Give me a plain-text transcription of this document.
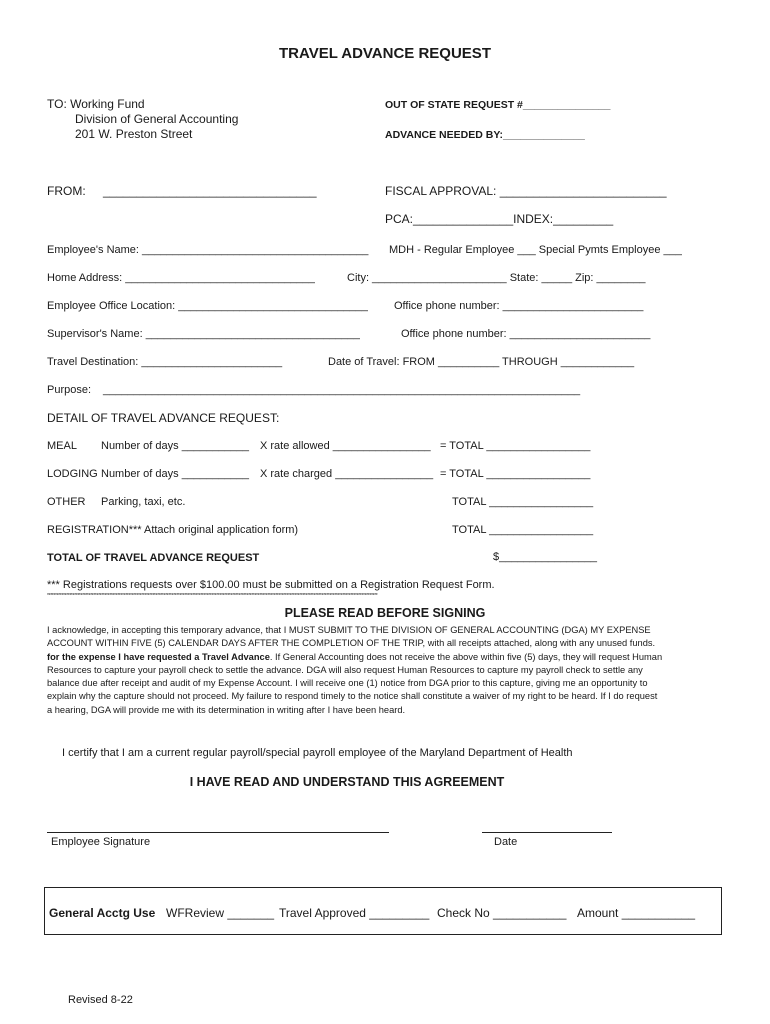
TRAVEL ADVANCE REQUEST
TO: Working Fund
Division of General Accounting
201 W. Preston Street
OUT OF STATE REQUEST #_______________
ADVANCE NEEDED BY:______________
FROM: ________________________________	FISCAL APPROVAL: _________________________
PCA:_______________INDEX:_________
Employee's Name: _____________________________________ MDH - Regular Employee ___ Special Pymts Employee ___
Home Address: _______________________________	City: ______________________ State: _____ Zip: ________
Employee Office Location: _______________________________ Office phone number: _______________________
Supervisor's Name: ___________________________________	Office phone number: _______________________
Travel Destination: _______________________	Date of Travel: FROM __________ THROUGH ____________
Purpose: ______________________________________________________________________________
DETAIL OF TRAVEL ADVANCE REQUEST:
MEAL Number of days ___________ X rate allowed ________________ = TOTAL _________________
LODGING Number of days ___________ X rate charged ________________ = TOTAL _________________
OTHER Parking, taxi, etc.	TOTAL _________________
REGISTRATION*** Attach original application form)	TOTAL _________________
TOTAL OF TRAVEL ADVANCE REQUEST	$________________
*** Registrations requests over $100.00 must be submitted on a Registration Request Form.
***************************************************************************************************************************************************************************************************************
PLEASE READ BEFORE SIGNING

I acknowledge, in accepting this temporary advance, that I MUST SUBMIT TO THE DIVISION OF GENERAL ACCOUNTING (DGA) MY EXPENSE

ACCOUNT WITHIN FIVE (5) CALENDAR DAYS AFTER THE COMPLETION OF THE TRIP, with all receipts attached, along with any unused funds.

for the expense I have requested a Travel Advance. If General Accounting does not receive the above within five (5) days, they will request Human

Resources to capture your payroll check to settle the advance. DGA will also request Human Resources to capture my payroll check to settle any

balance due after receipt and audit of my Expense Account. I will receive one (1) notice from DGA prior to this capture, giving me an opportunity to

explain why the capture should not proceed. My failure to respond timely to the notice shall constitute a waiver of my right to be heard. If I do request

a hearing, DGA will provide me with its determination in writing after I have been heard.

I certify that I am a current regular payroll/special payroll employee of the Maryland Department of Health
I HAVE READ AND UNDERSTAND THIS AGREEMENT
Employee Signature	Date
General Acctg Use WFReview _______ Travel Approved _________ Check No ___________ Amount ___________
Revised 8-22
